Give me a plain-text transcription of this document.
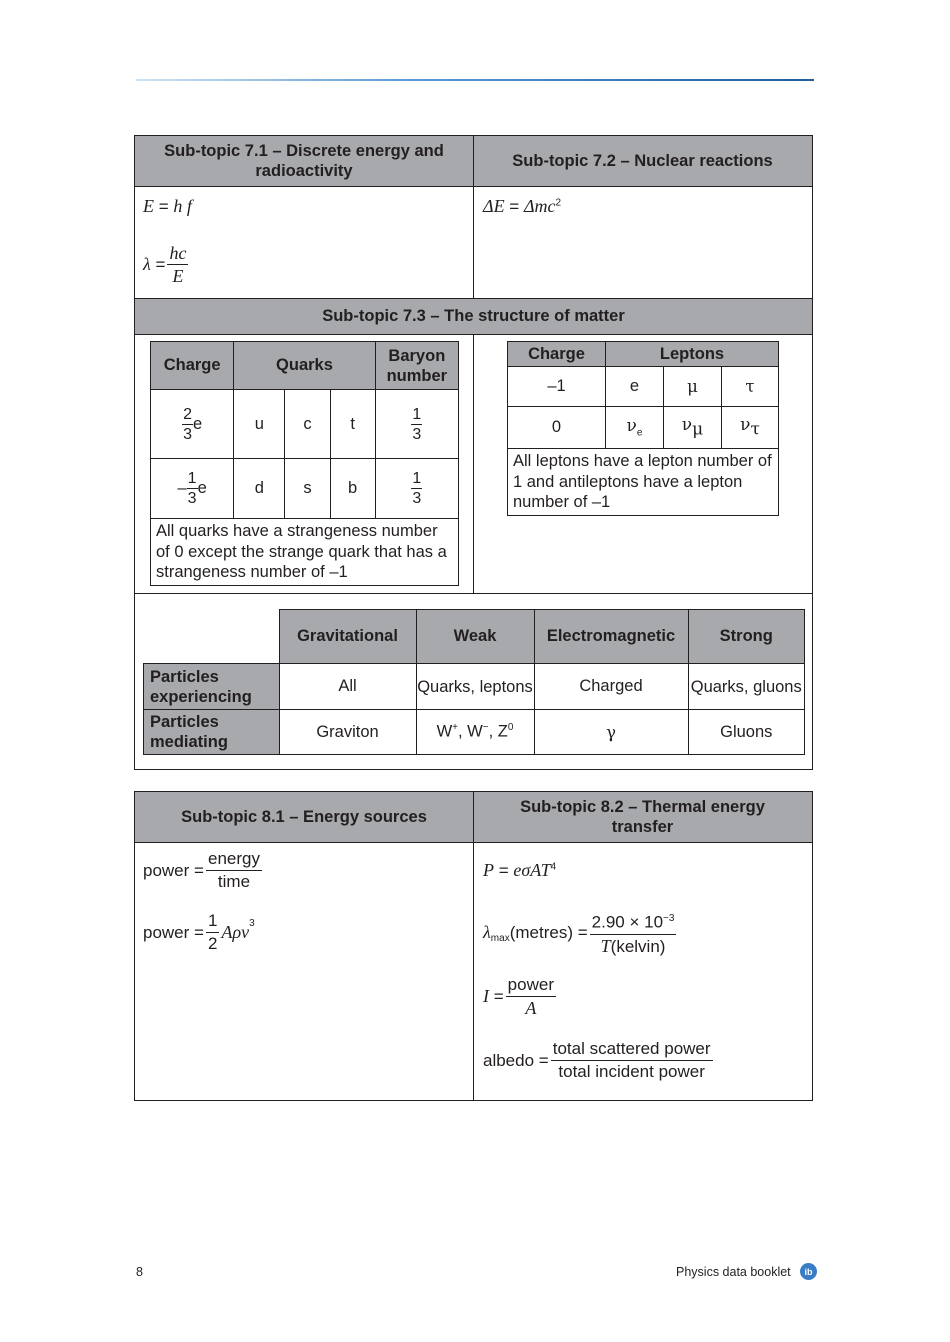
Sub-topic 7.1 – Discrete energy and radioactivity
Sub-topic 7.2 – Nuclear reactions
E = h f
λ
= $\frac{hc}{E}$
ΔE = Δmc$^2$
Sub-topic 7.3 – The structure of matter
Charge	Quarks			Baryon number

$\frac{2}{3}$ e	u	c	t	$\frac{1}{3}$

– $\frac{1}{3}$ e	d	s	b	$\frac{1}{3}$

All quarks have a strangeness number of 0 except the strange quark that has a strangeness number of –1				
Charge	Leptons		
–1	e	μ	τ
0	$\nu_e$	$\nu_\mu$	$\nu_\tau$
All leptons have a lepton number of 1 and antileptons have a lepton number of –1			
	Gravitational	Weak	Electromagnetic	Strong
Particles experiencing	All	Quarks, leptons	Charged	Quarks, gluons
Particles mediating	Graviton	W+, W−, $Z^0$	γ	Gluons
Sub-topic 8.1 – Energy sources
Sub-topic 8.2 – Thermal energy transfer
power
= $\frac{\text{energy}}{\text{time}}$
power
= $\frac{1}{2} A\rho v^3$
P = eσAT$^4$
$\lambda_{max}$ (metres)
= $\frac{2.90 \times 10^{-3}}{\text{T(kelvin)}}$
I
= $\frac{\text{power}}{A}$
albedo
= $\frac{\text{total scattered power}}{\text{total incident power}}$
8	Physics data booklet ib
